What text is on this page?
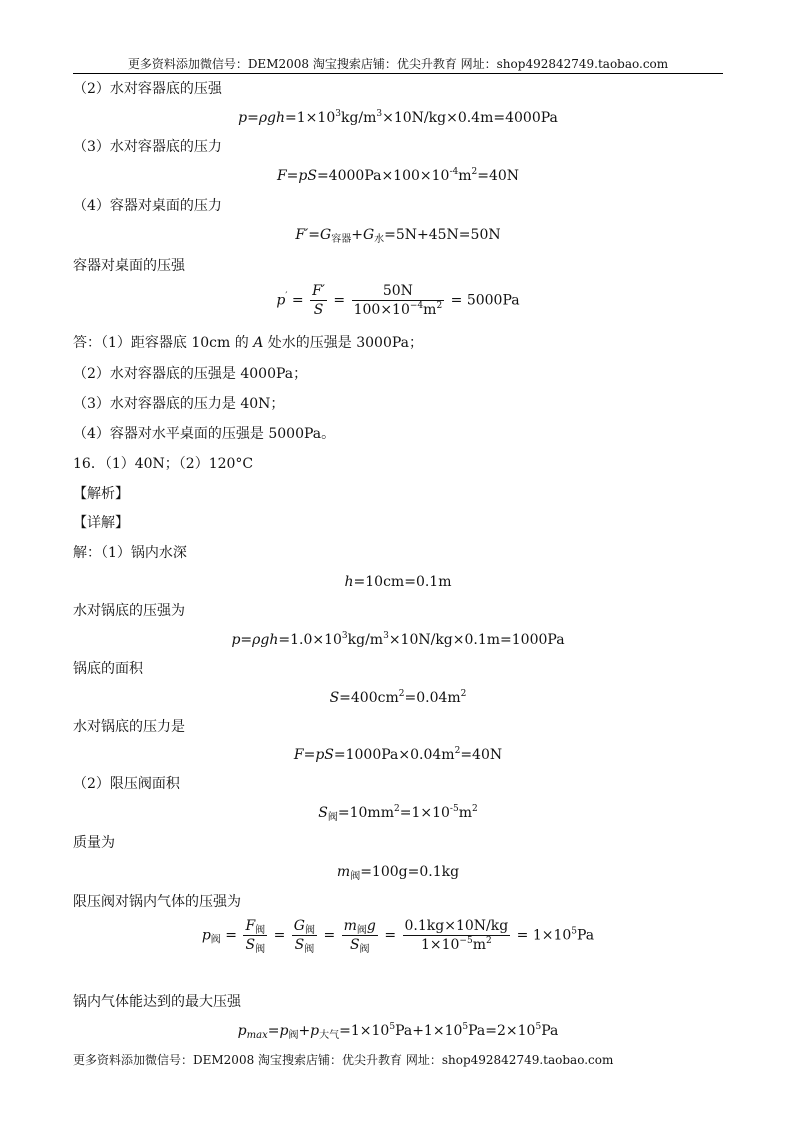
更多资料添加微信号：DEM2008 淘宝搜索店铺：优尖升教育 网址：shop492842749.taobao.com
（2）水对容器底的压强
$p=\rho gh=1\times 10^3kg/m^3\times 10N/kg\times 0.4m=4000Pa$
（3）水对容器底的压力
$F=pS=4000Pa\times 100\times 10^{-4}m^2=40N$
（4）容器对桌面的压力
$F'=G_{容器}+G_水=5N+45N=50N$
容器对桌面的压强
$p' = \frac{F'}{S} = \frac{50N}{100\times 10^{-4}m^2} = 5000Pa$
答：（1）距容器底 10cm 的 A 处水的压强是 3000Pa；
（2）水对容器底的压强是 4000Pa；
（3）水对容器底的压力是 40N；
（4）容器对水平桌面的压强是 5000Pa。
16．（1）40N；（2）120°C
【解析】
【详解】
解：（1）锅内水深
h=10cm=0.1m
水对锅底的压强为
$p=\rho gh=1.0\times 10^3kg/m^3\times 10N/kg\times 0.1m=1000Pa$
锅底的面积
$S=400cm^2=0.04m^2$
水对锅底的压力是
$F=pS=1000Pa\times 0.04m^2=40N$
（2）限压阀面积
$S_阀=10mm^2=1\times 10^{-5}m^2$
质量为
$m_阀=100g=0.1kg$
限压阀对锅内气体的压强为
$p_阀 = \frac{F_阀}{S_阀} = \frac{G_阀}{S_阀} = \frac{m_阀g}{S_阀} = \frac{0.1kg\times 10N/kg}{1\times 10^{-5}m^2} = 1\times 10^5Pa$
锅内气体能达到的最大压强
$p_{max}=p_阀+p_{大气}=1\times 10^5Pa+1\times 10^5Pa=2\times 10^5Pa$
更多资料添加微信号：DEM2008 淘宝搜索店铺：优尖升教育 网址：shop492842749.taobao.com
